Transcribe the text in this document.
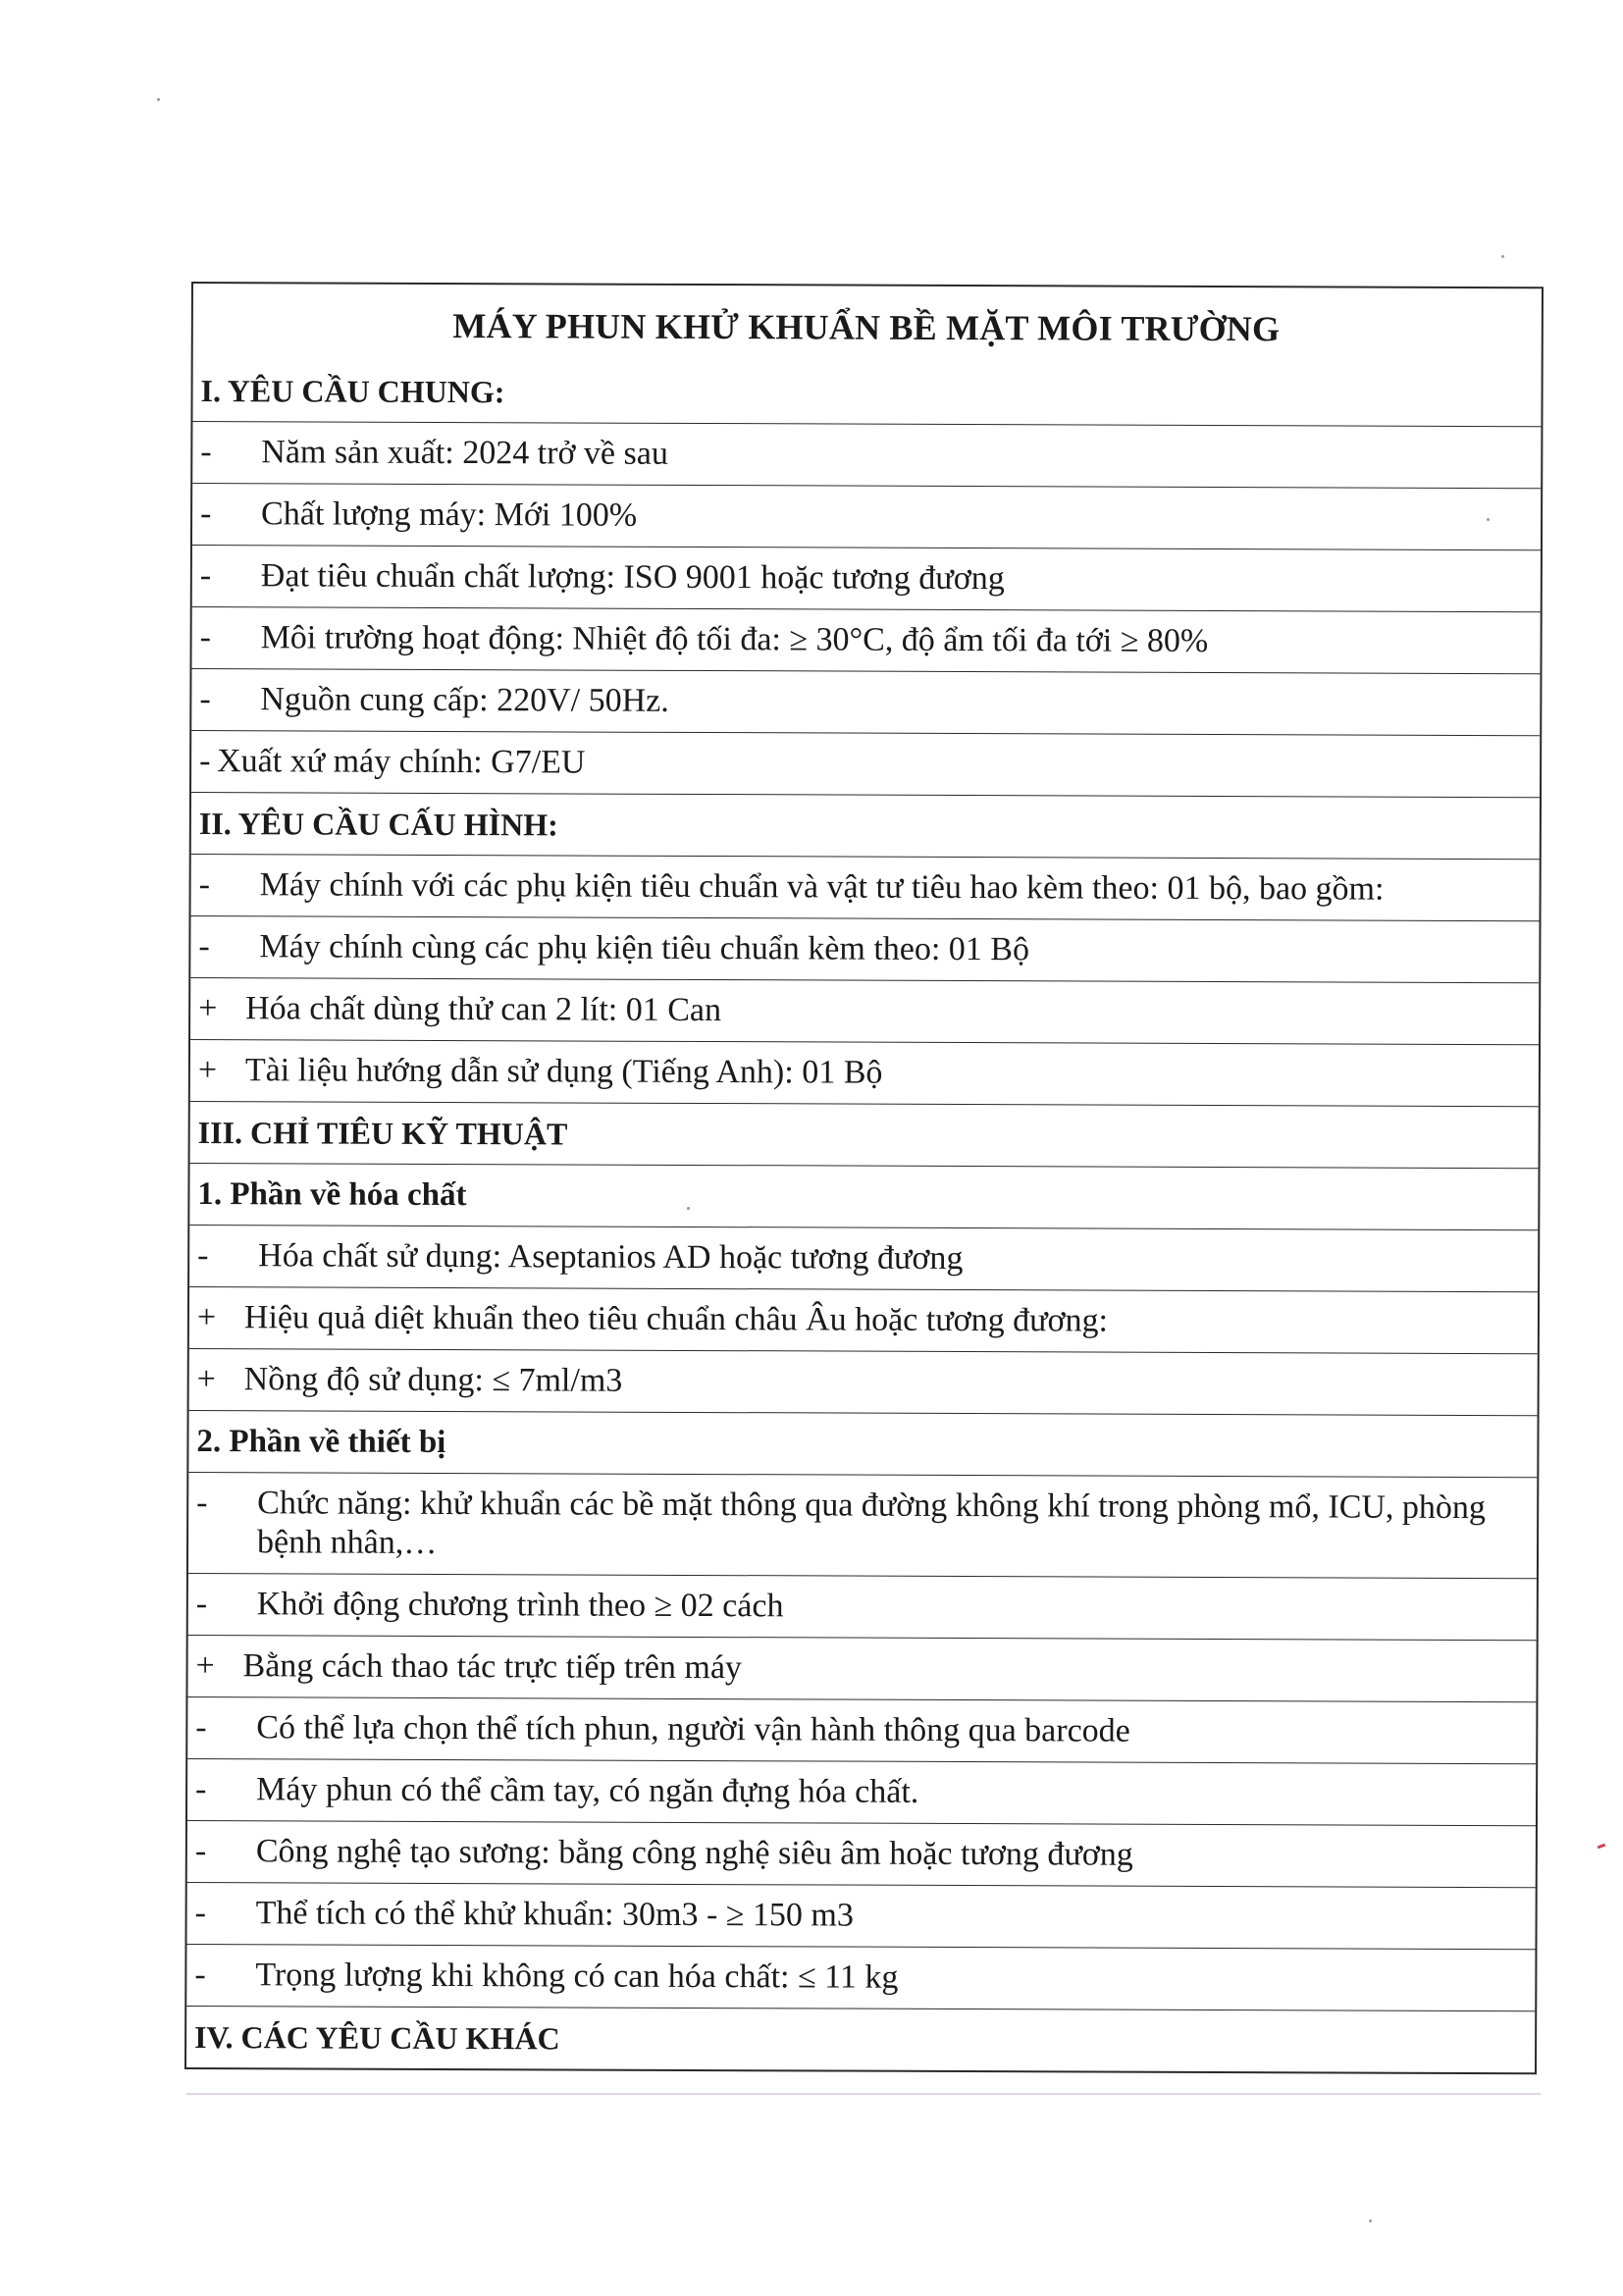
MÁY PHUN KHỬ KHUẨN BỀ MẶT MÔI TRƯỜNG
I. YÊU CẦU CHUNG:
-	Năm sản xuất: 2024 trở về sau
-	Chất lượng máy: Mới 100%
-	Đạt tiêu chuẩn chất lượng: ISO 9001 hoặc tương đương
-	Môi trường hoạt động: Nhiệt độ tối đa: ≥ 30°C, độ ẩm tối đa tới ≥ 80%
-	Nguồn cung cấp: 220V/ 50Hz.
- Xuất xứ máy chính: G7/EU
II. YÊU CẦU CẤU HÌNH:
-	Máy chính với các phụ kiện tiêu chuẩn và vật tư tiêu hao kèm theo: 01 bộ, bao gồm:
-	Máy chính cùng các phụ kiện tiêu chuẩn kèm theo: 01 Bộ
+ Hóa chất dùng thử can 2 lít: 01 Can
+ Tài liệu hướng dẫn sử dụng (Tiếng Anh): 01 Bộ
III. CHỈ TIÊU KỸ THUẬT
1. Phần về hóa chất
-	Hóa chất sử dụng: Aseptanios AD hoặc tương đương
+ Hiệu quả diệt khuẩn theo tiêu chuẩn châu Âu hoặc tương đương:
+ Nồng độ sử dụng: ≤ 7ml/m3
2. Phần về thiết bị
-	Chức năng: khử khuẩn các bề mặt thông qua đường không khí trong phòng mổ, ICU, phòng bệnh nhân,…
-	Khởi động chương trình theo ≥ 02 cách
+ Bằng cách thao tác trực tiếp trên máy
-	Có thể lựa chọn thể tích phun, người vận hành thông qua barcode
-	Máy phun có thể cầm tay, có ngăn đựng hóa chất.
-	Công nghệ tạo sương: bằng công nghệ siêu âm hoặc tương đương
-	Thể tích có thể khử khuẩn: 30m3 - ≥ 150 m3
-	Trọng lượng khi không có can hóa chất: ≤ 11 kg
IV. CÁC YÊU CẦU KHÁC
